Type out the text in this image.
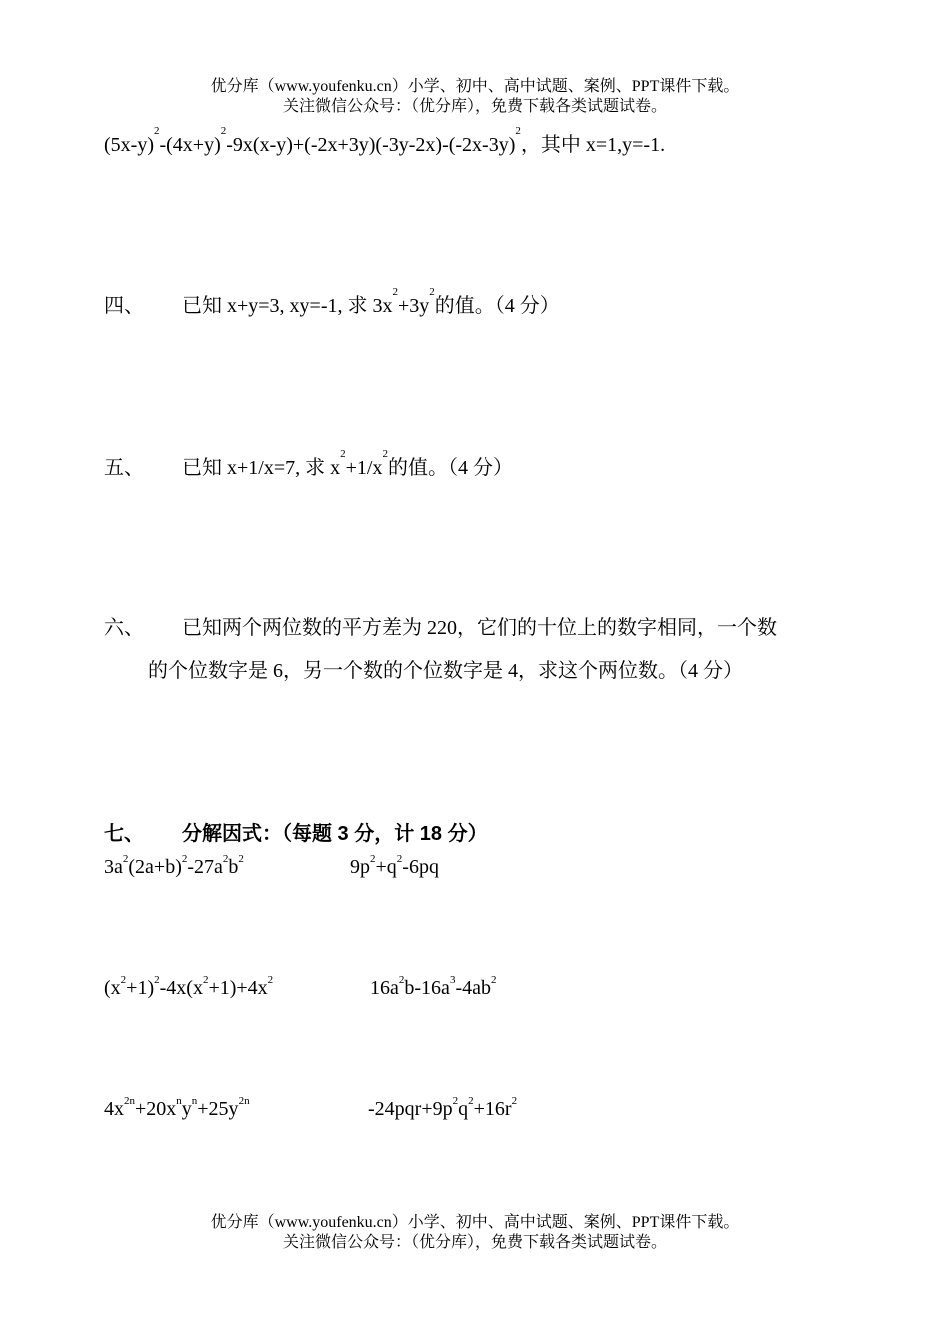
优分库（www.youfenku.cn）小学、初中、高中试题、案例、PPT课件下载。
关注微信公众号：（优分库），免费下载各类试题试卷。
$(5x-y)^2-(4x+y)^2-9x(x-y)+(-2x+3y)(-3y-2x)-(-2x-3y)^2$，其中 x=1,y=-1.
四、 已知 x+y=3, xy=-1, 求 $3x^2+3y^2$的值。（4 分）
五、 已知 x+1/x=7, 求 $x^2+1/x^2$的值。（4 分）
六、 已知两个两位数的平方差为 220，它们的十位上的数字相同，一个数
的个位数字是 6，另一个数的个位数字是 4，求这个两位数。（4 分）
七、 分解因式：（每题 3 分，计 18 分）
$3a^2(2a+b)^2-27a^2b^2$	$9p^2+q^2-6pq$
$(x^2+1)^2-4x(x^2+1)+4x^2$	$16a^2b-16a^3-4ab^2$
$4x^{2n}+20x^ny^n+25y^{2n}$	$-24pqr+9p^2q^2+16r^2$
优分库（www.youfenku.cn）小学、初中、高中试题、案例、PPT课件下载。
关注微信公众号：（优分库），免费下载各类试题试卷。
